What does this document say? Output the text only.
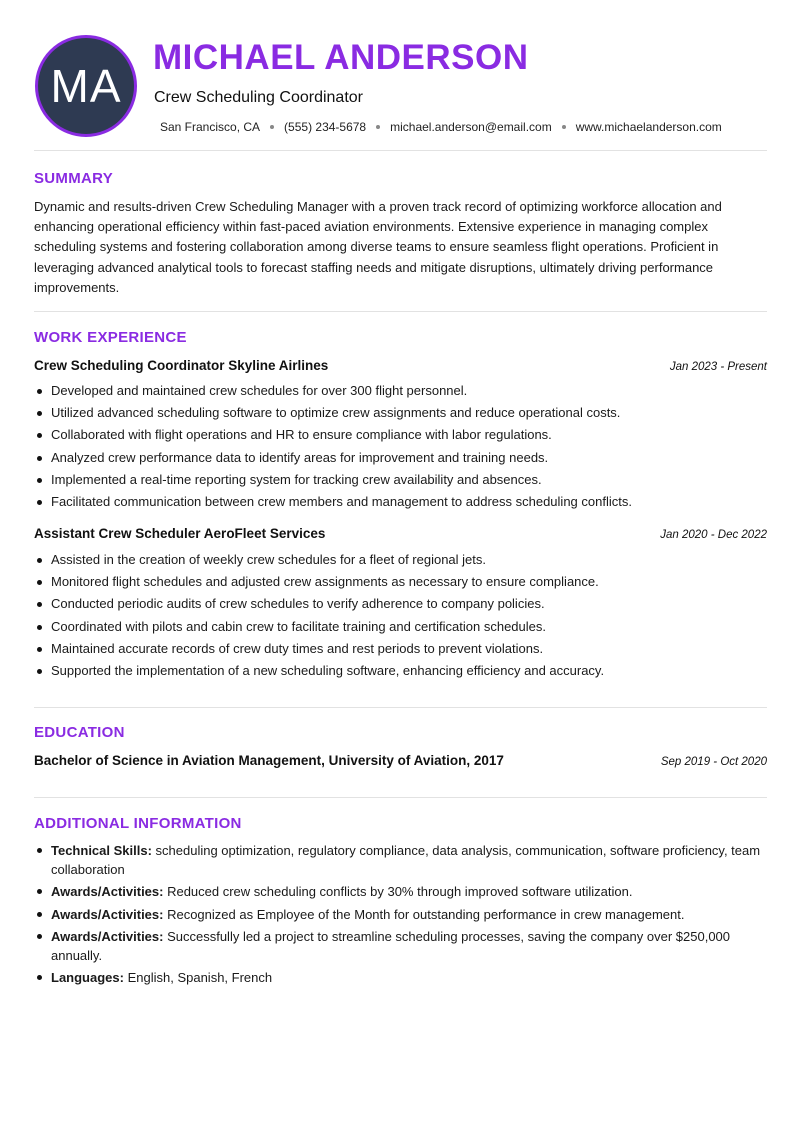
MA
MICHAEL ANDERSON
Crew Scheduling Coordinator
San Francisco, CA (555) 234-5678 michael.anderson@email.com www.michaelanderson.com
SUMMARY
Dynamic and results-driven Crew Scheduling Manager with a proven track record of optimizing workforce allocation and enhancing operational efficiency within fast-paced aviation environments. Extensive experience in managing complex scheduling systems and fostering collaboration among diverse teams to ensure seamless flight operations. Proficient in leveraging advanced analytical tools to forecast staffing needs and mitigate disruptions, ultimately driving performance improvements.
WORK EXPERIENCE
Crew Scheduling Coordinator Skyline Airlines	Jan 2023 - Present
Developed and maintained crew schedules for over 300 flight personnel.
Utilized advanced scheduling software to optimize crew assignments and reduce operational costs.
Collaborated with flight operations and HR to ensure compliance with labor regulations.
Analyzed crew performance data to identify areas for improvement and training needs.
Implemented a real-time reporting system for tracking crew availability and absences.
Facilitated communication between crew members and management to address scheduling conflicts.
Assistant Crew Scheduler AeroFleet Services	Jan 2020 - Dec 2022
Assisted in the creation of weekly crew schedules for a fleet of regional jets.
Monitored flight schedules and adjusted crew assignments as necessary to ensure compliance.
Conducted periodic audits of crew schedules to verify adherence to company policies.
Coordinated with pilots and cabin crew to facilitate training and certification schedules.
Maintained accurate records of crew duty times and rest periods to prevent violations.
Supported the implementation of a new scheduling software, enhancing efficiency and accuracy.
EDUCATION
Bachelor of Science in Aviation Management, University of Aviation, 2017	Sep 2019 - Oct 2020
ADDITIONAL INFORMATION
Technical Skills: scheduling optimization, regulatory compliance, data analysis, communication, software proficiency, team collaboration
Awards/Activities: Reduced crew scheduling conflicts by 30% through improved software utilization.
Awards/Activities: Recognized as Employee of the Month for outstanding performance in crew management.
Awards/Activities: Successfully led a project to streamline scheduling processes, saving the company over $250,000 annually.
Languages: English, Spanish, French
